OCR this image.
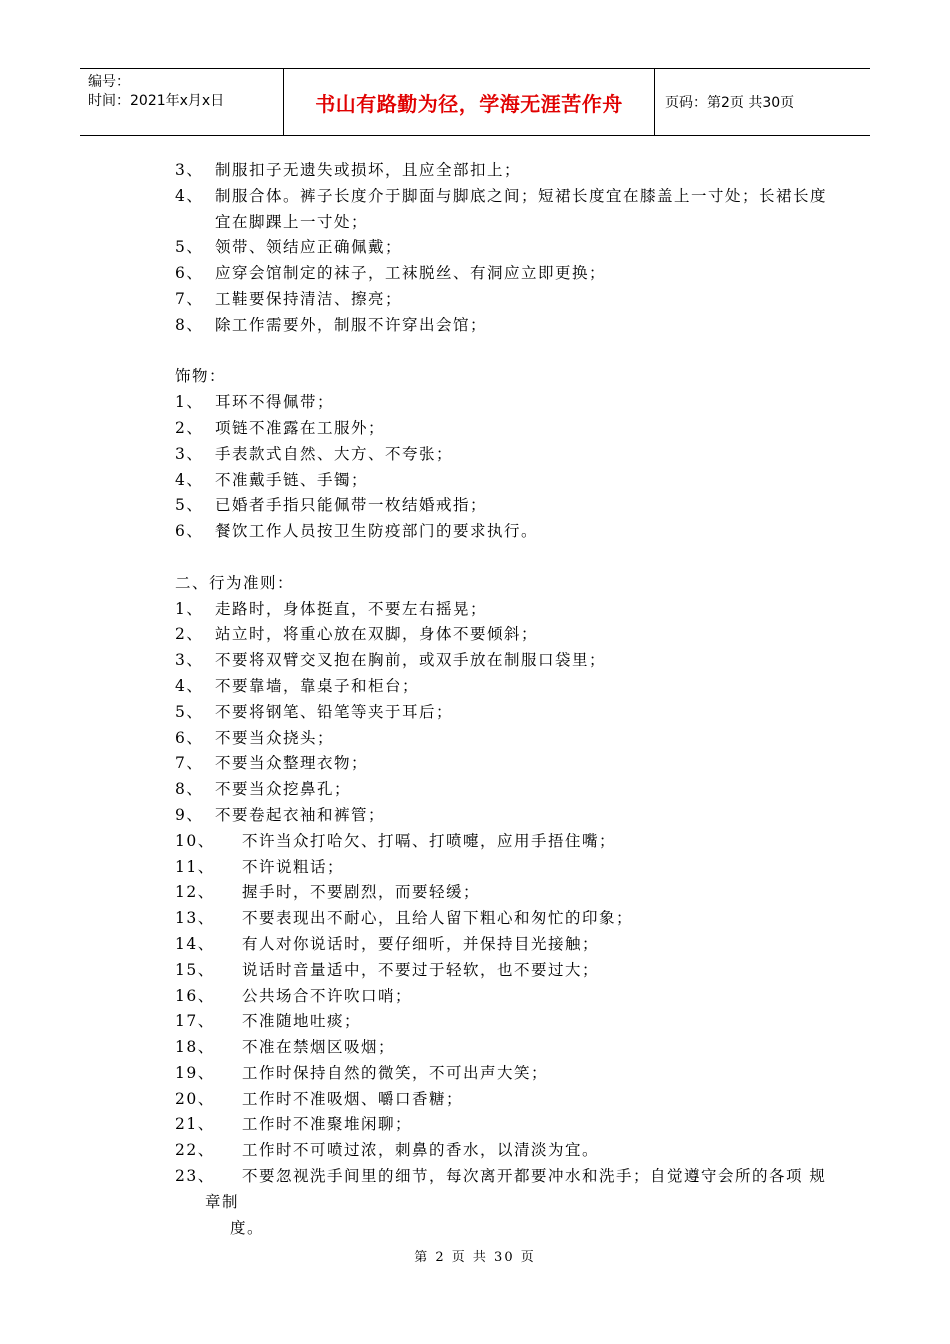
编号：
时间：2021年x月x日	书山有路勤为径，学海无涯苦作舟	页码：第2页 共30页
3、 制服扣子无遗失或损坏，且应全部扣上；
4、 制服合体。裤子长度介于脚面与脚底之间；短裙长度宜在膝盖上一寸处；长裙长度
宜在脚踝上一寸处；
5、 领带、领结应正确佩戴；
6、 应穿会馆制定的袜子，工袜脱丝、有洞应立即更换；
7、 工鞋要保持清洁、擦亮；
8、 除工作需要外，制服不许穿出会馆；
饰物：
1、 耳环不得佩带；
2、 项链不准露在工服外；
3、 手表款式自然、大方、不夸张；
4、 不准戴手链、手镯；
5、 已婚者手指只能佩带一枚结婚戒指；
6、 餐饮工作人员按卫生防疫部门的要求执行。
二、行为准则：
1、 走路时，身体挺直，不要左右摇晃；
2、 站立时，将重心放在双脚，身体不要倾斜；
3、 不要将双臂交叉抱在胸前，或双手放在制服口袋里；
4、 不要靠墙，靠桌子和柜台；
5、 不要将钢笔、铅笔等夹于耳后；
6、 不要当众挠头；
7、 不要当众整理衣物；
8、 不要当众挖鼻孔；
9、 不要卷起衣袖和裤管；
10、	不许当众打哈欠、打嗝、打喷嚏，应用手捂住嘴；
11、	不许说粗话；
12、	握手时，不要剧烈，而要轻缓；
13、	不要表现出不耐心，且给人留下粗心和匆忙的印象；
14、	有人对你说话时，要仔细听，并保持目光接触；
15、	说话时音量适中，不要过于轻软，也不要过大；
16、	公共场合不许吹口哨；
17、	不准随地吐痰；
18、	不准在禁烟区吸烟；
19、	工作时保持自然的微笑，不可出声大笑；
20、	工作时不准吸烟、嚼口香糖；
21、	工作时不准聚堆闲聊；
22、	工作时不可喷过浓，刺鼻的香水，以清淡为宜。
23、	不要忽视洗手间里的细节，每次离开都要冲水和洗手；自觉遵守会所的各项 规
章制
度。
第 2 页 共 30 页
